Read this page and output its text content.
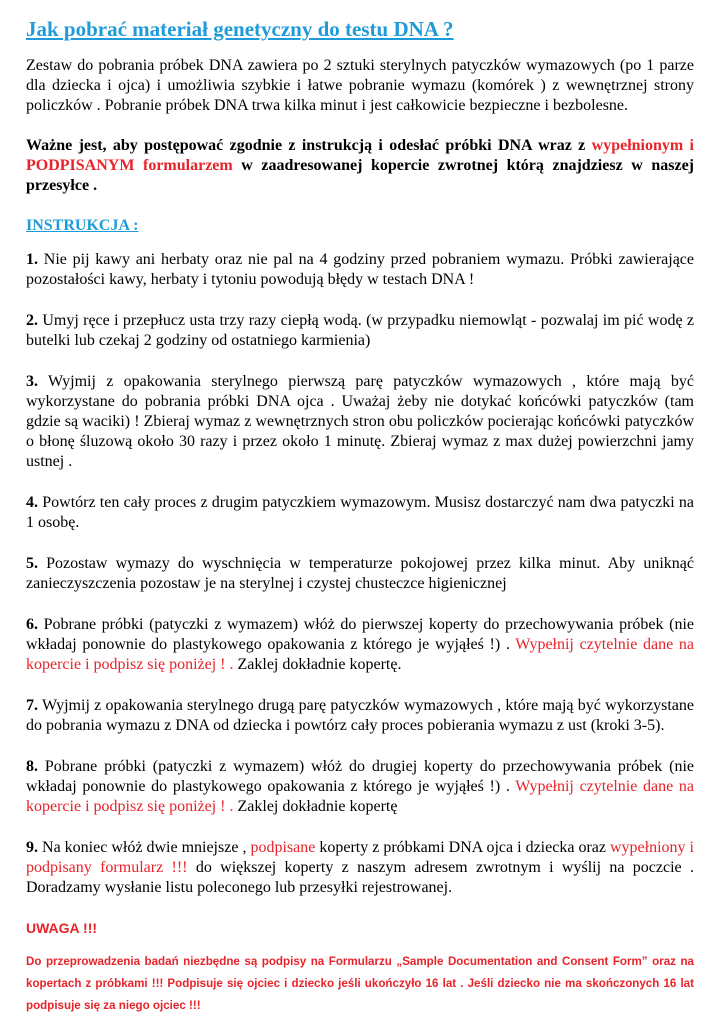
Jak pobrać materiał genetyczny do testu DNA ?

Zestaw do pobrania próbek DNA zawiera po 2 sztuki sterylnych patyczków wymazowych (po 1 parze dla dziecka i ojca) i umożliwia szybkie i łatwe pobranie wymazu (komórek ) z wewnętrznej strony policzków . Pobranie próbek DNA trwa kilka minut i jest całkowicie bezpieczne i bezbolesne.

Ważne jest, aby postępować zgodnie z instrukcją i odesłać próbki DNA wraz z wypełnionym i PODPISANYM formularzem w zaadresowanej kopercie zwrotnej którą znajdziesz w naszej przesyłce .

INSTRUKCJA :

1. Nie pij kawy ani herbaty oraz nie pal na 4 godziny przed pobraniem wymazu. Próbki zawierające pozostałości kawy, herbaty i tytoniu powodują błędy w testach DNA !

2. Umyj ręce i przepłucz usta trzy razy ciepłą wodą. (w przypadku niemowląt - pozwalaj im pić wodę z butelki lub czekaj 2 godziny od ostatniego karmienia)

3. Wyjmij z opakowania sterylnego pierwszą parę patyczków wymazowych , które mają być wykorzystane do pobrania próbki DNA ojca . Uważaj żeby nie dotykać końcówki patyczków (tam gdzie są waciki) ! Zbieraj wymaz z wewnętrznych stron obu policzków pocierając końcówki patyczków o błonę śluzową około 30 razy i przez około 1 minutę. Zbieraj wymaz z max dużej powierzchni jamy ustnej .

4. Powtórz ten cały proces z drugim patyczkiem wymazowym. Musisz dostarczyć nam dwa patyczki na 1 osobę.

5. Pozostaw wymazy do wyschnięcia w temperaturze pokojowej przez kilka minut. Aby uniknąć zanieczyszczenia pozostaw je na sterylnej i czystej chusteczce higienicznej

6. Pobrane próbki (patyczki z wymazem) włóż do pierwszej koperty do przechowywania próbek (nie wkładaj ponownie do plastykowego opakowania z którego je wyjąłeś !) . Wypełnij czytelnie dane na kopercie i podpisz się poniżej ! . Zaklej dokładnie kopertę.

7. Wyjmij z opakowania sterylnego drugą parę patyczków wymazowych , które mają być wykorzystane do pobrania wymazu z DNA od dziecka i powtórz cały proces pobierania wymazu z ust (kroki 3-5).

8. Pobrane próbki (patyczki z wymazem) włóż do drugiej koperty do przechowywania próbek (nie wkładaj ponownie do plastykowego opakowania z którego je wyjąłeś !) . Wypełnij czytelnie dane na kopercie i podpisz się poniżej ! . Zaklej dokładnie kopertę

9. Na koniec włóż dwie mniejsze , podpisane koperty z próbkami DNA ojca i dziecka oraz wypełniony i podpisany formularz !!! do większej koperty z naszym adresem zwrotnym i wyślij na poczcie . Doradzamy wysłanie listu poleconego lub przesyłki rejestrowanej.

UWAGA !!!

Do przeprowadzenia badań niezbędne są podpisy na Formularzu „Sample Documentation and Consent Form” oraz na kopertach z próbkami !!! Podpisuje się ojciec i dziecko jeśli ukończyło 16 lat . Jeśli dziecko nie ma skończonych 16 lat podpisuje się za niego ojciec !!!
